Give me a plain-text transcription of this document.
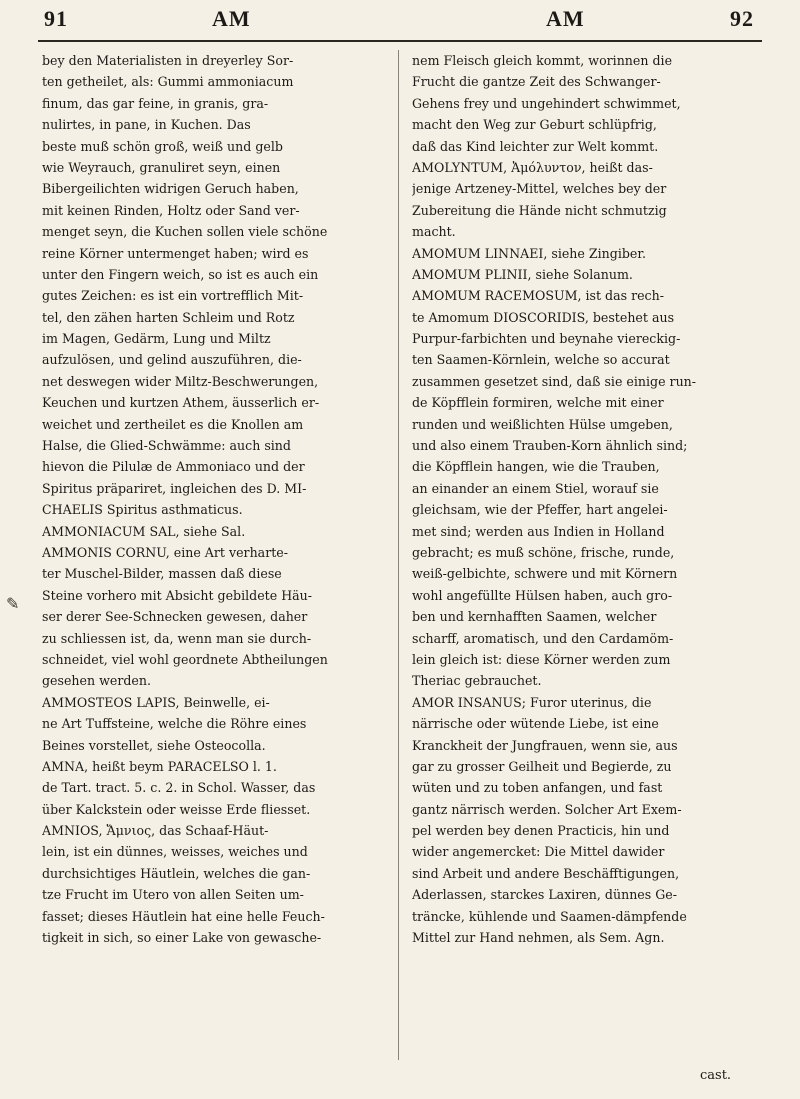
91	AM	AM	92
✎

bey den Materialisten in dreyerley Sor-

ten getheilet, als: Gummi ammoniacum

finum, das gar feine, in granis, gra-

nulirtes, in pane, in Kuchen. Das

beste muß schön groß, weiß und gelb

wie Weyrauch, granuliret seyn, einen

Bibergeilichten widrigen Geruch haben,

mit keinen Rinden, Holtz oder Sand ver-

menget seyn, die Kuchen sollen viele schöne

reine Körner untermenget haben; wird es

unter den Fingern weich, so ist es auch ein

gutes Zeichen: es ist ein vortrefflich Mit-

tel, den zähen harten Schleim und Rotz

im Magen, Gedärm, Lung und Miltz

aufzulösen, und gelind auszuführen, die-

net deswegen wider Miltz-Beschwerungen,

Keuchen und kurtzen Athem, äusserlich er-

weichet und zertheilet es die Knollen am

Halse, die Glied-Schwämme: auch sind

hievon die Pilulæ de Ammoniaco und der

Spiritus präpariret, ingleichen des D. MI-

CHAELIS Spiritus asthmaticus.

AMMONIACUM SAL, siehe Sal.

AMMONIS CORNU, eine Art verharte-

ter Muschel-Bilder, massen daß diese

Steine vorhero mit Absicht gebildete Häu-

ser derer See-Schnecken gewesen, daher

zu schliessen ist, da, wenn man sie durch-

schneidet, viel wohl geordnete Abtheilungen

gesehen werden.

AMMOSTEOS LAPIS, Beinwelle, ei-

ne Art Tuffsteine, welche die Röhre eines

Beines vorstellet, siehe Osteocolla.

AMNA, heißt beym PARACELSO l. 1.

de Tart. tract. 5. c. 2. in Schol. Wasser, das

über Kalckstein oder weisse Erde fliesset.

AMNIOS, Ἄμνιος, das Schaaf-Häut-

lein, ist ein dünnes, weisses, weiches und

durchsichtiges Häutlein, welches die gan-

tze Frucht im Utero von allen Seiten um-

fasset; dieses Häutlein hat eine helle Feuch-

tigkeit in sich, so einer Lake von gewasche-

nem Fleisch gleich kommt, worinnen die

Frucht die gantze Zeit des Schwanger-

Gehens frey und ungehindert schwimmet,

macht den Weg zur Geburt schlüpfrig,

daß das Kind leichter zur Welt kommt.

AMOLYNTUM, Ἀμόλυντον, heißt das-

jenige Artzeney-Mittel, welches bey der

Zubereitung die Hände nicht schmutzig

macht.

AMOMUM LINNAEI, siehe Zingiber.

AMOMUM PLINII, siehe Solanum.

AMOMUM RACEMOSUM, ist das rech-

te Amomum DIOSCORIDIS, bestehet aus

Purpur-farbichten und beynahe viereckig-

ten Saamen-Körnlein, welche so accurat

zusammen gesetzet sind, daß sie einige run-

de Köpfflein formiren, welche mit einer

runden und weißlichten Hülse umgeben,

und also einem Trauben-Korn ähnlich sind;

die Köpfflein hangen, wie die Trauben,

an einander an einem Stiel, worauf sie

gleichsam, wie der Pfeffer, hart angelei-

met sind; werden aus Indien in Holland

gebracht; es muß schöne, frische, runde,

weiß-gelbichte, schwere und mit Körnern

wohl angefüllte Hülsen haben, auch gro-

ben und kernhafften Saamen, welcher

scharff, aromatisch, und den Cardamöm-

lein gleich ist: diese Körner werden zum

Theriac gebrauchet.

AMOR INSANUS; Furor uterinus, die

närrische oder wütende Liebe, ist eine

Kranckheit der Jungfrauen, wenn sie, aus

gar zu grosser Geilheit und Begierde, zu

wüten und zu toben anfangen, und fast

gantz närrisch werden. Solcher Art Exem-

pel werden bey denen Practicis, hin und

wider angemercket: Die Mittel dawider

sind Arbeit und andere Beschäfftigungen,

Aderlassen, starckes Laxiren, dünnes Ge-

träncke, kühlende und Saamen-dämpfende

Mittel zur Hand nehmen, als Sem. Agn.

cast.
